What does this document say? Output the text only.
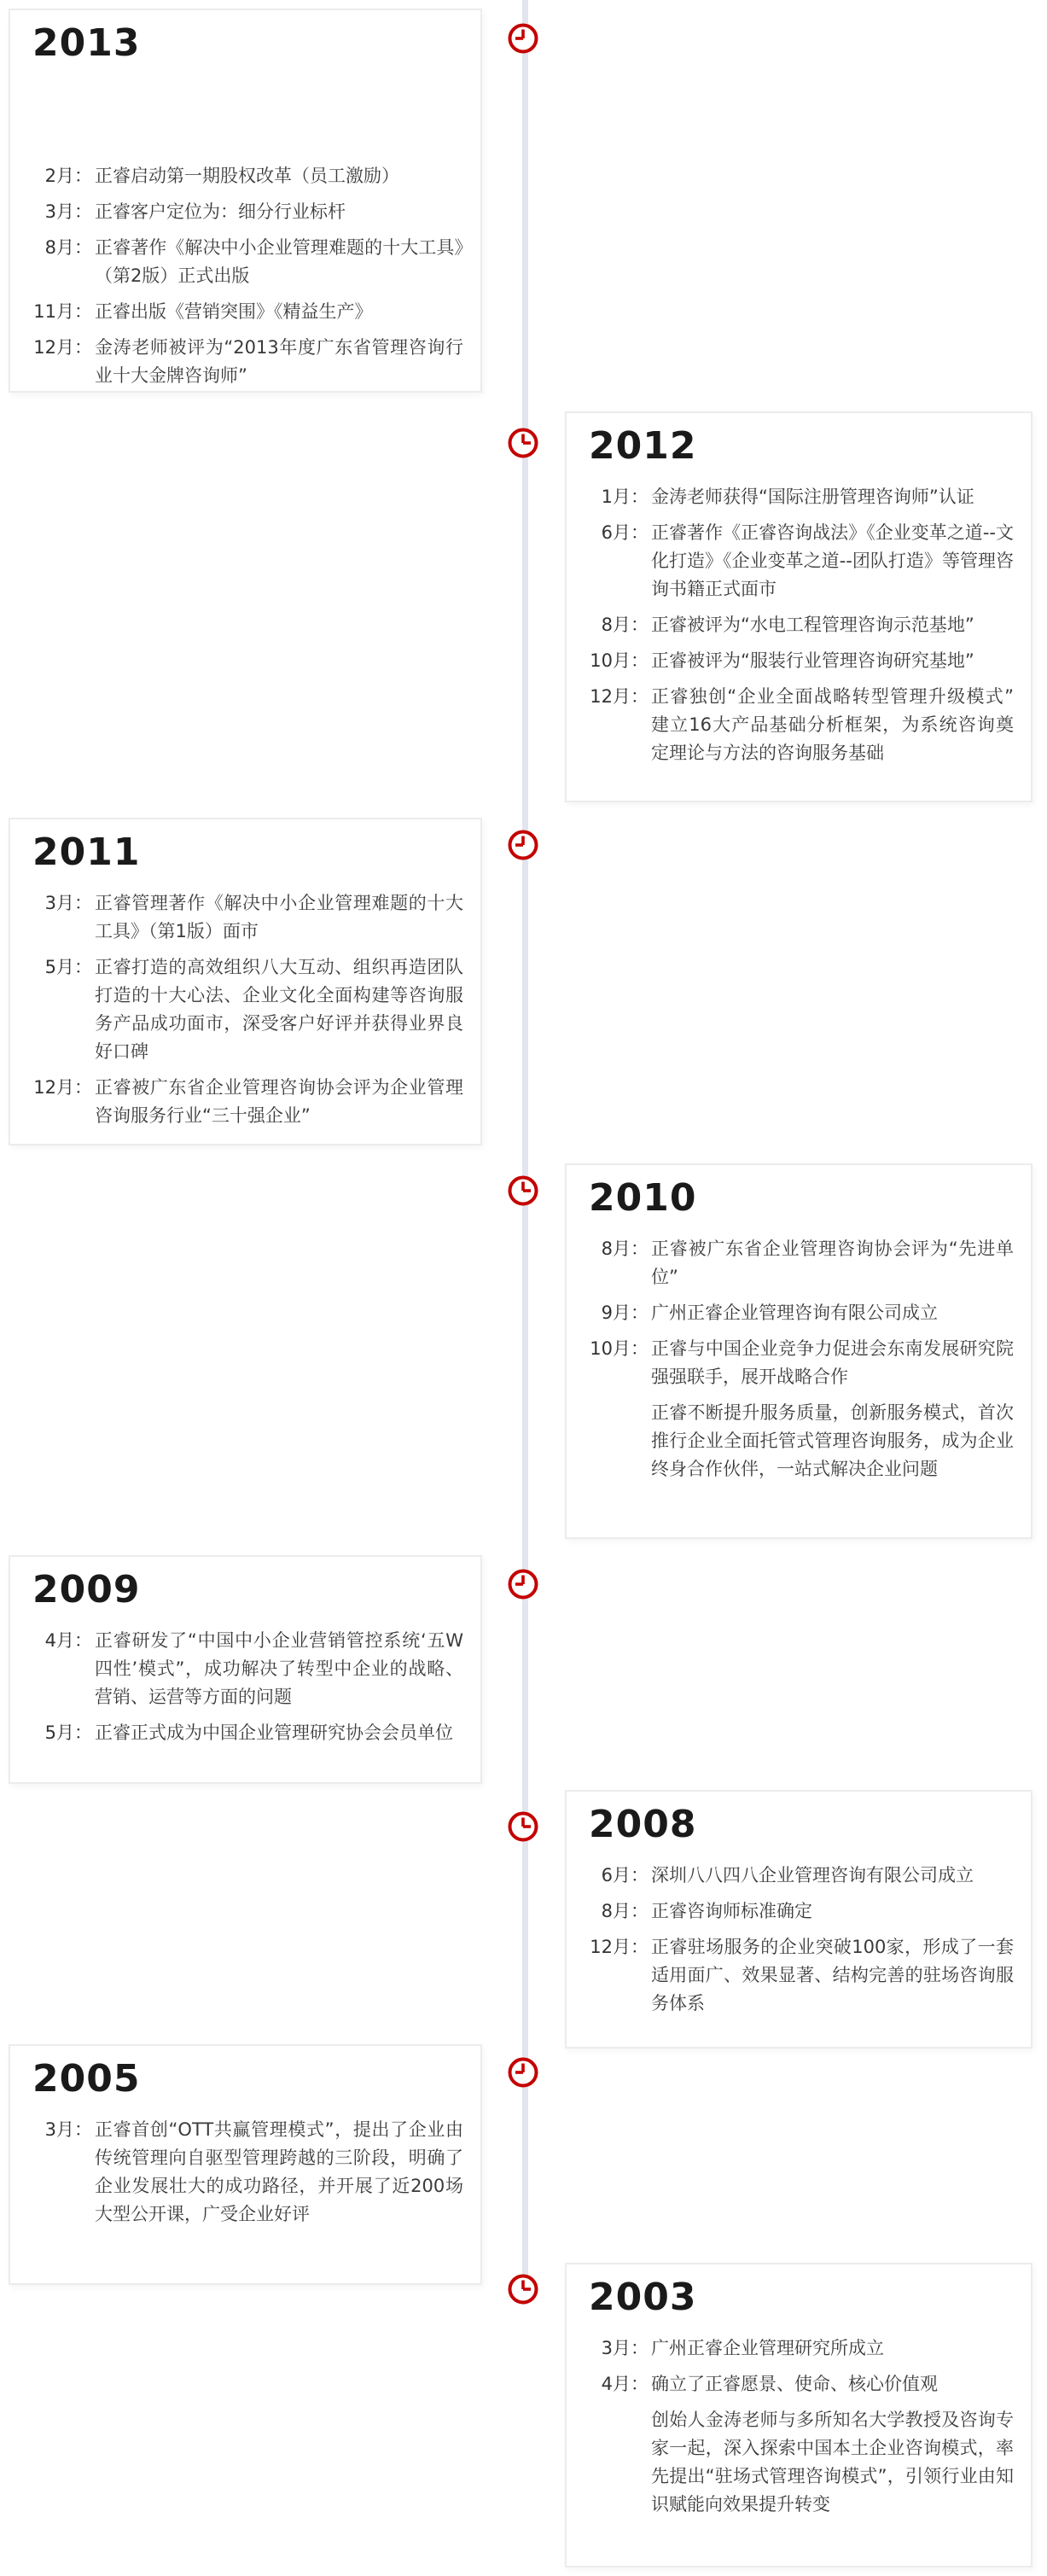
2013
2月： 正睿启动第一期股权改革（员工激励）
3月： 正睿客户定位为：细分行业标杆
8月： 正睿著作《解决中小企业管理难题的十大工具》（第2版）正式出版
11月： 正睿出版《营销突围》《精益生产》
12月： 金涛老师被评为“2013年度广东省管理咨询行业十大金牌咨询师”
2012
1月： 金涛老师获得“国际注册管理咨询师”认证
6月： 正睿著作《正睿咨询战法》《企业变革之道--文化打造》《企业变革之道--团队打造》等管理咨询书籍正式面市
8月： 正睿被评为“水电工程管理咨询示范基地”
10月： 正睿被评为“服装行业管理咨询研究基地”
12月： 正睿独创“企业全面战略转型管理升级模式” 建立16大产品基础分析框架，为系统咨询奠定理论与方法的咨询服务基础
2011
3月： 正睿管理著作《解决中小企业管理难题的十大工具》（第1版）面市
5月： 正睿打造的高效组织八大互动、组织再造团队打造的十大心法、企业文化全面构建等咨询服务产品成功面市，深受客户好评并获得业界良好口碑
12月： 正睿被广东省企业管理咨询协会评为企业管理咨询服务行业“三十强企业”
2010
8月： 正睿被广东省企业管理咨询协会评为“先进单位”
9月： 广州正睿企业管理咨询有限公司成立
10月： 正睿与中国企业竞争力促进会东南发展研究院强强联手，展开战略合作
正睿不断提升服务质量，创新服务模式，首次推行企业全面托管式管理咨询服务，成为企业终身合作伙伴，一站式解决企业问题
2009
4月： 正睿研发了“中国中小企业营销管控系统‘五W四性’模式”，成功解决了转型中企业的战略、营销、运营等方面的问题
5月： 正睿正式成为中国企业管理研究协会会员单位
2008
6月： 深圳八八四八企业管理咨询有限公司成立
8月： 正睿咨询师标准确定
12月： 正睿驻场服务的企业突破100家，形成了一套适用面广、效果显著、结构完善的驻场咨询服务体系
2005
3月： 正睿首创“OTT共赢管理模式”，提出了企业由传统管理向自驱型管理跨越的三阶段，明确了企业发展壮大的成功路径，并开展了近200场大型公开课，广受企业好评
2003
3月： 广州正睿企业管理研究所成立
4月： 确立了正睿愿景、使命、核心价值观
创始人金涛老师与多所知名大学教授及咨询专家一起，深入探索中国本土企业咨询模式，率先提出“驻场式管理咨询模式”，引领行业由知识赋能向效果提升转变
